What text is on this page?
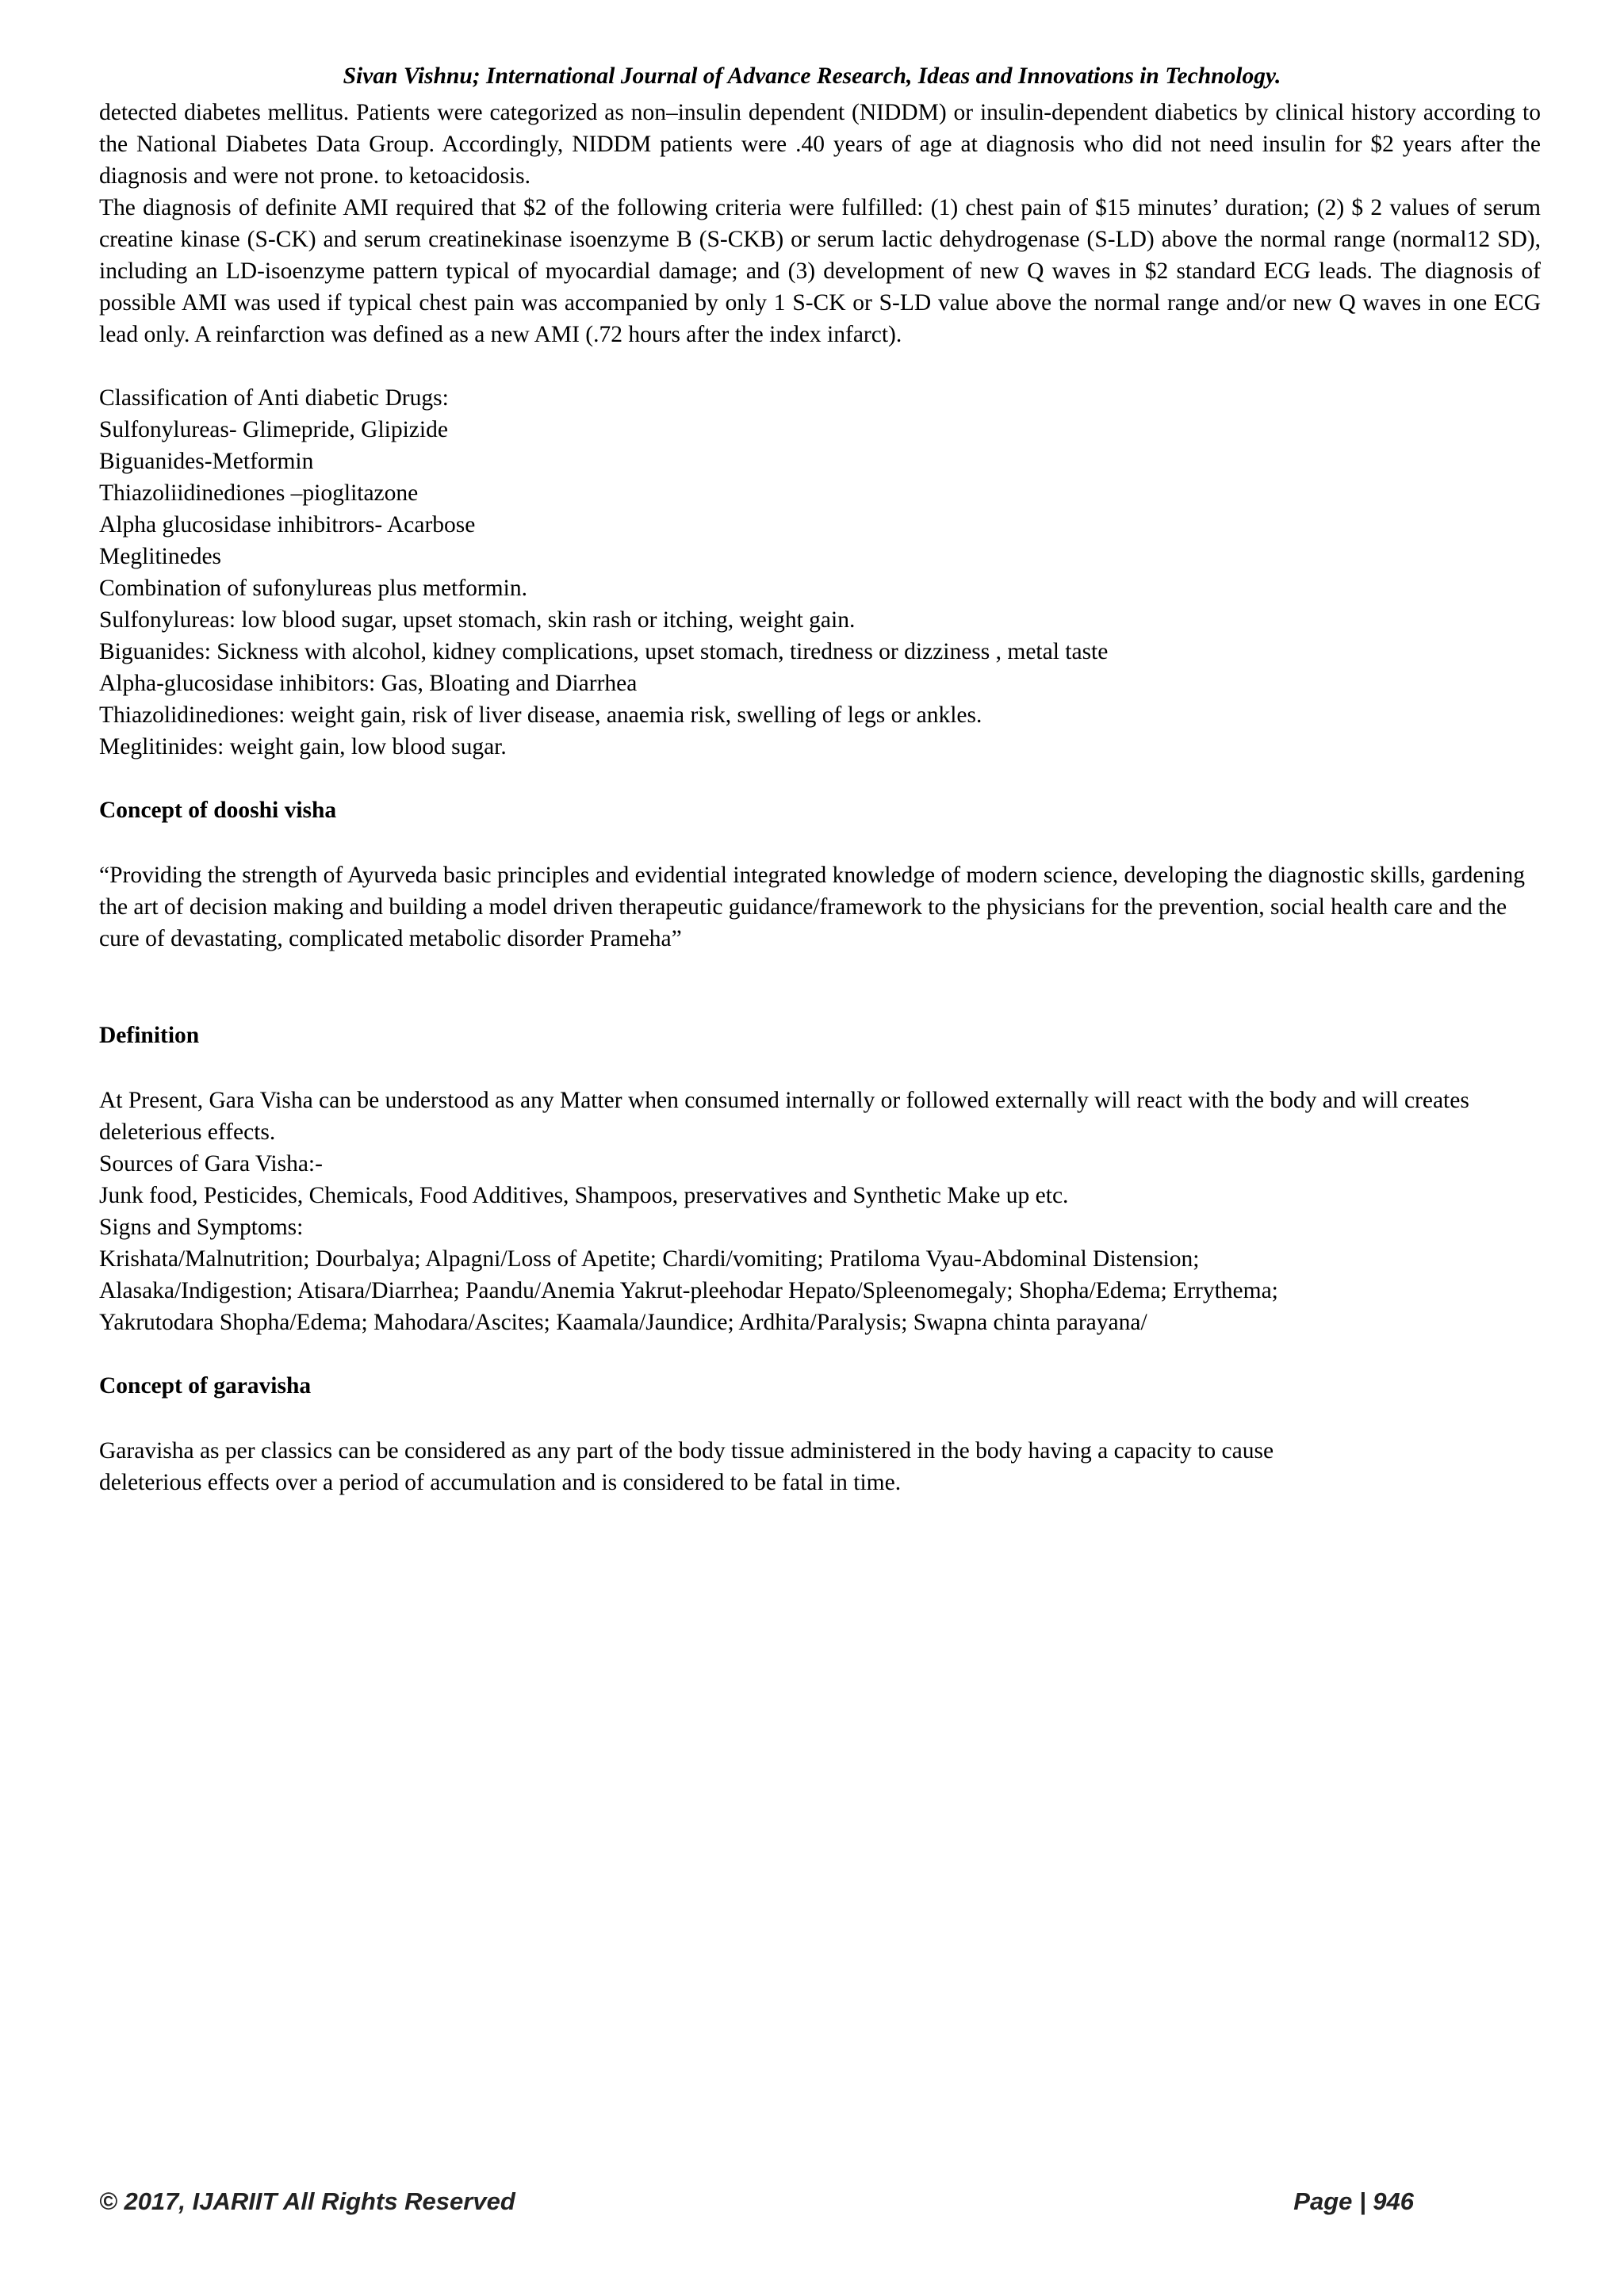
Sivan Vishnu; International Journal of Advance Research, Ideas and Innovations in Technology.

detected diabetes mellitus. Patients were categorized as non–insulin dependent (NIDDM) or insulin-dependent diabetics by clinical history according to the National Diabetes Data Group. Accordingly, NIDDM patients were .40 years of age at diagnosis who did not need insulin for $2 years after the diagnosis and were not prone. to ketoacidosis.

The diagnosis of definite AMI required that $2 of the following criteria were fulfilled: (1) chest pain of $15 minutes’ duration; (2) $ 2 values of serum creatine kinase (S-CK) and serum creatinekinase isoenzyme B (S-CKB) or serum lactic dehydrogenase (S-LD) above the normal range (normal12 SD), including an LD-isoenzyme pattern typical of myocardial damage; and (3) development of new Q waves in $2 standard ECG leads. The diagnosis of possible AMI was used if typical chest pain was accompanied by only 1 S-CK or S-LD value above the normal range and/or new Q waves in one ECG lead only. A reinfarction was defined as a new AMI (.72 hours after the index infarct).

Classification of Anti diabetic Drugs:
Sulfonylureas- Glimepride, Glipizide
Biguanides-Metformin
Thiazoliidinediones –pioglitazone
Alpha glucosidase inhibitrors- Acarbose
Meglitinedes
Combination of sufonylureas plus metformin.
Sulfonylureas: low blood sugar, upset stomach, skin rash or itching, weight gain.
Biguanides: Sickness with alcohol, kidney complications, upset stomach, tiredness or dizziness , metal taste
Alpha-glucosidase inhibitors: Gas, Bloating and Diarrhea
Thiazolidinediones: weight gain, risk of liver disease, anaemia risk, swelling of legs or ankles.
Meglitinides: weight gain, low blood sugar.

Concept of dooshi visha

“Providing the strength of Ayurveda basic principles and evidential integrated knowledge of modern science, developing the diagnostic skills, gardening the art of decision making and building a model driven therapeutic guidance/framework to the physicians for the prevention, social health care and the cure of devastating, complicated metabolic disorder Prameha”

Definition

At Present, Gara Visha can be understood as any Matter when consumed internally or followed externally will react with the body and will creates deleterious effects.

Sources of Gara Visha:-

Junk food, Pesticides, Chemicals, Food Additives, Shampoos, preservatives and Synthetic Make up etc.

Signs and Symptoms:

Krishata/Malnutrition; Dourbalya; Alpagni/Loss of Apetite; Chardi/vomiting; Pratiloma Vyau-Abdominal Distension;
Alasaka/Indigestion; Atisara/Diarrhea; Paandu/Anemia Yakrut-pleehodar Hepato/Spleenomegaly; Shopha/Edema; Errythema;
Yakrutodara Shopha/Edema; Mahodara/Ascites; Kaamala/Jaundice; Ardhita/Paralysis; Swapna chinta parayana/

Concept of garavisha

Garavisha as per classics can be considered as any part of the body tissue administered in the body having a capacity to cause
deleterious effects over a period of accumulation and is considered to be fatal in time.

© 2017, IJARIIT All Rights Reserved	Page | 946
